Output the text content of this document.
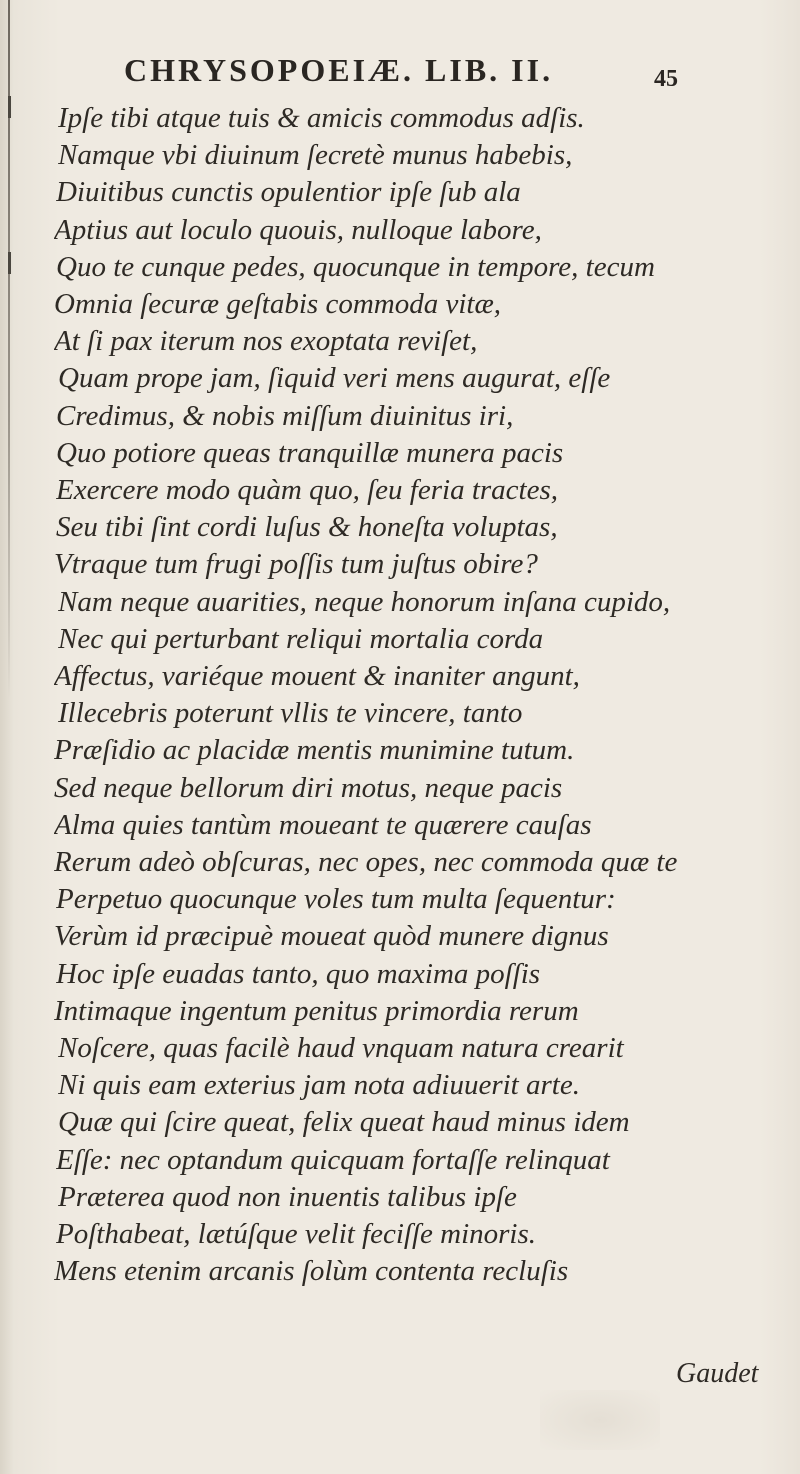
CHRYSOPOEIÆ. LIB. II.	45
Ipſe tibi atque tuis & amicis commodus adſis.
Namque vbi diuinum ſecretè munus habebis,
Diuitibus cunctis opulentior ipſe ſub ala
Aptius aut loculo quouis, nulloque labore,
Quo te cunque pedes, quocunque in tempore, tecum
Omnia ſecuræ geſtabis commoda vitæ,
At ſi pax iterum nos exoptata reviſet,
Quam prope jam, ſiquid veri mens augurat, eſſe
Credimus, & nobis miſſum diuinitus iri,
Quo potiore queas tranquillæ munera pacis
Exercere modo quàm quo, ſeu feria tractes,
Seu tibi ſint cordi luſus & honeſta voluptas,
Vtraque tum frugi poſſis tum juſtus obire?
Nam neque auarities, neque honorum inſana cupido,
Nec qui perturbant reliqui mortalia corda
Affectus, variéque mouent & inaniter angunt,
Illecebris poterunt vllis te vincere, tanto
Præſidio ac placidæ mentis munimine tutum.
Sed neque bellorum diri motus, neque pacis
Alma quies tantùm moueant te quærere cauſas
Rerum adeò obſcuras, nec opes, nec commoda quæ te
Perpetuo quocunque voles tum multa ſequentur:
Verùm id præcipuè moueat quòd munere dignus
Hoc ipſe euadas tanto, quo maxima poſſis
Intimaque ingentum penitus primordia rerum
Noſcere, quas facilè haud vnquam natura crearit
Ni quis eam exterius jam nota adiuuerit arte.
Quæ qui ſcire queat, felix queat haud minus idem
Eſſe: nec optandum quicquam fortaſſe relinquat
Præterea quod non inuentis talibus ipſe
Poſthabeat, lætúſque velit feciſſe minoris.
Mens etenim arcanis ſolùm contenta recluſis
Gaudet
